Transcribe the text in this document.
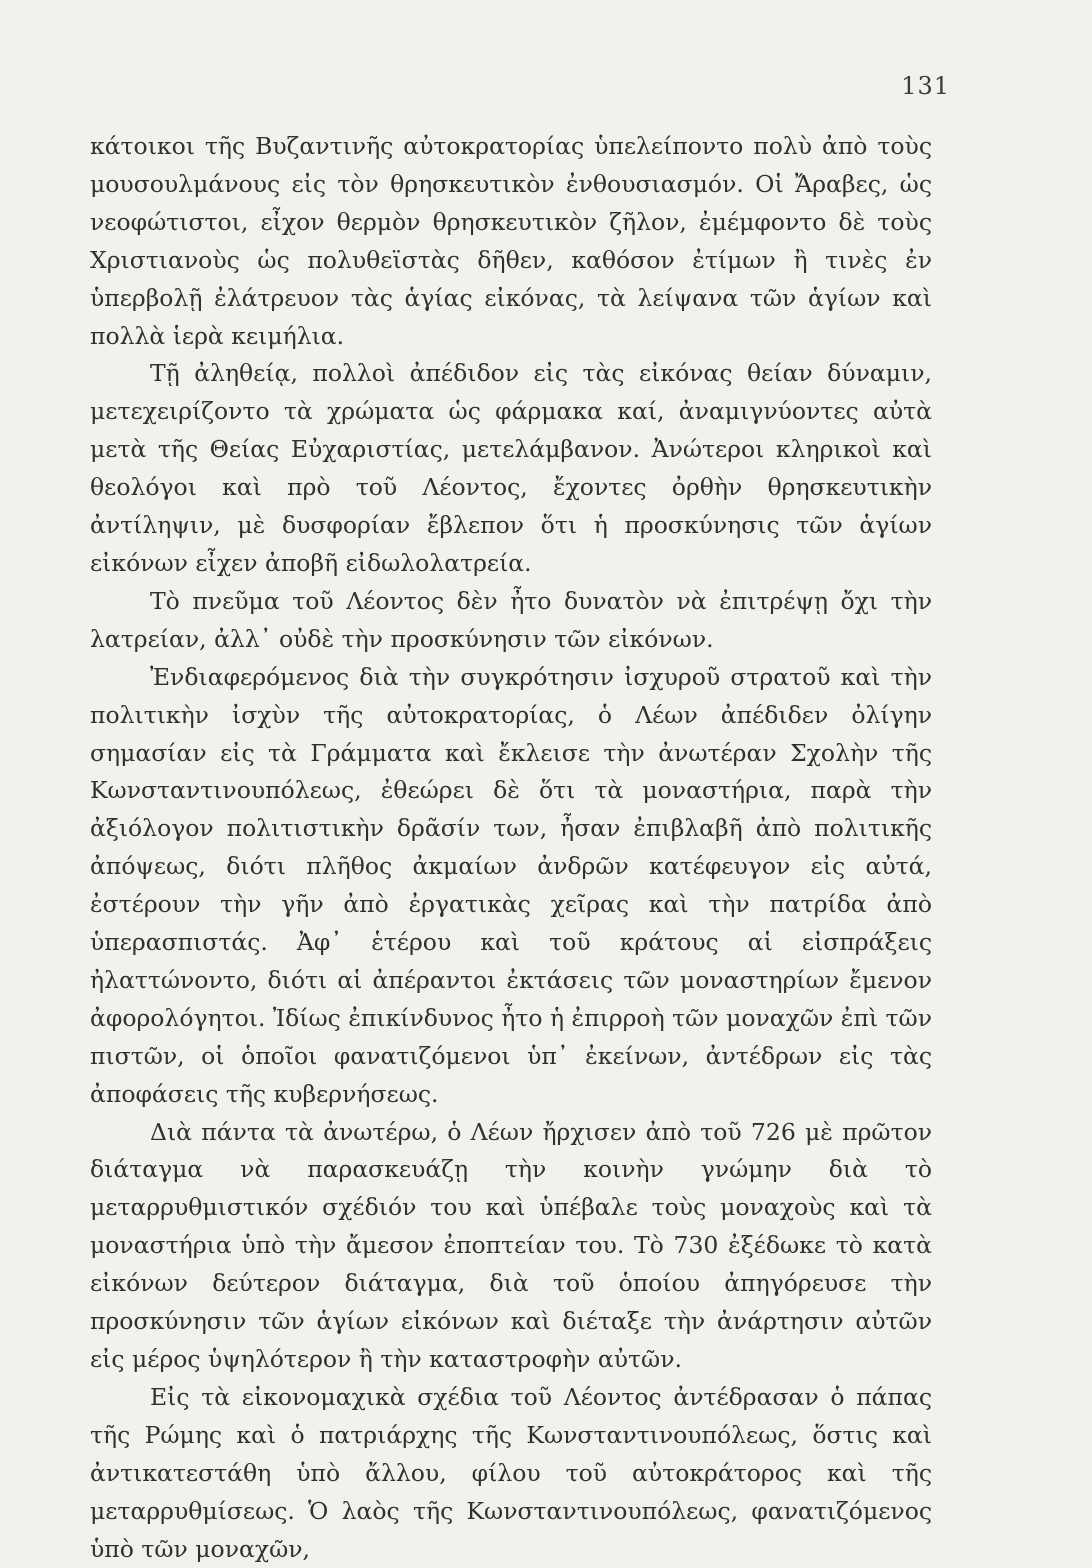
131

κάτοικοι τῆς Βυζαντινῆς αὐτοκρατορίας ὑπελείποντο πολὺ ἀπὸ τοὺς μουσουλμάνους εἰς τὸν θρησκευτικὸν ἐνθουσιασμόν. Οἱ Ἄραβες, ὡς νεοφώτιστοι, εἶχον θερμὸν θρησκευτικὸν ζῆλον, ἐμέμφοντο δὲ τοὺς Χριστιανοὺς ὡς πολυθεϊστὰς δῆθεν, καθόσον ἐτίμων ἢ τινὲς ἐν ὑπερβολῇ ἐλάτρευον τὰς ἁγίας εἰκόνας, τὰ λείψανα τῶν ἁγίων καὶ πολλὰ ἱερὰ κειμήλια.

Τῇ ἀληθείᾳ, πολλοὶ ἀπέδιδον εἰς τὰς εἰκόνας θείαν δύναμιν, μετεχειρίζοντο τὰ χρώματα ὡς φάρμακα καί, ἀναμιγνύοντες αὐτὰ μετὰ τῆς Θείας Εὐχαριστίας, μετελάμβανον. Ἀνώτεροι κληρικοὶ καὶ θεολόγοι καὶ πρὸ τοῦ Λέοντος, ἔχοντες ὀρθὴν θρησκευτικὴν ἀντίληψιν, μὲ δυσφορίαν ἔβλεπον ὅτι ἡ προσκύνησις τῶν ἁγίων εἰκόνων εἶχεν ἀποβῆ εἰδωλολατρεία.

Τὸ πνεῦμα τοῦ Λέοντος δὲν ἦτο δυνατὸν νὰ ἐπιτρέψῃ ὄχι τὴν λατρείαν, ἀλλ᾽ οὐδὲ τὴν προσκύνησιν τῶν εἰκόνων.

Ἐνδιαφερόμενος διὰ τὴν συγκρότησιν ἰσχυροῦ στρατοῦ καὶ τὴν πολιτικὴν ἰσχὺν τῆς αὐτοκρατορίας, ὁ Λέων ἀπέδιδεν ὀλίγην σημασίαν εἰς τὰ Γράμματα καὶ ἔκλεισε τὴν ἀνωτέραν Σχολὴν τῆς Κωνσταντινουπόλεως, ἐθεώρει δὲ ὅτι τὰ μοναστήρια, παρὰ τὴν ἀξιόλογον πολιτιστικὴν δρᾶσίν των, ἦσαν ἐπιβλαβῆ ἀπὸ πολιτικῆς ἀπόψεως, διότι πλῆθος ἀκμαίων ἀνδρῶν κατέφευγον εἰς αὐτά, ἐστέρουν τὴν γῆν ἀπὸ ἐργατικὰς χεῖρας καὶ τὴν πατρίδα ἀπὸ ὑπερασπιστάς. Ἀφ᾽ ἑτέρου καὶ τοῦ κράτους αἱ εἰσπράξεις ἠλαττώνοντο, διότι αἱ ἀπέραντοι ἐκτάσεις τῶν μοναστηρίων ἔμενον ἀφορολόγητοι. Ἰδίως ἐπικίνδυνος ἦτο ἡ ἐπιρροὴ τῶν μοναχῶν ἐπὶ τῶν πιστῶν, οἱ ὁποῖοι φανατιζόμενοι ὑπ᾽ ἐκείνων, ἀντέδρων εἰς τὰς ἀποφάσεις τῆς κυβερνήσεως.

Διὰ πάντα τὰ ἀνωτέρω, ὁ Λέων ἤρχισεν ἀπὸ τοῦ 726 μὲ πρῶτον διάταγμα νὰ παρασκευάζῃ τὴν κοινὴν γνώμην διὰ τὸ μεταρρυθμιστικόν σχέδιόν του καὶ ὑπέβαλε τοὺς μοναχοὺς καὶ τὰ μοναστήρια ὑπὸ τὴν ἄμεσον ἐποπτείαν του. Τὸ 730 ἐξέδωκε τὸ κατὰ εἰκόνων δεύτερον διάταγμα, διὰ τοῦ ὁποίου ἀπηγόρευσε τὴν προσκύνησιν τῶν ἁγίων εἰκόνων καὶ διέταξε τὴν ἀνάρτησιν αὐτῶν εἰς μέρος ὑψηλότερον ἢ τὴν καταστροφὴν αὐτῶν.

Εἰς τὰ εἰκονομαχικὰ σχέδια τοῦ Λέοντος ἀντέδρασαν ὁ πάπας τῆς Ρώμης καὶ ὁ πατριάρχης τῆς Κωνσταντινουπόλεως, ὅστις καὶ ἀντικατεστάθη ὑπὸ ἄλλου, φίλου τοῦ αὐτοκράτορος καὶ τῆς μεταρρυθμίσεως. Ὁ λαὸς τῆς Κωνσταντινουπόλεως, φανατιζόμενος ὑπὸ τῶν μοναχῶν,
